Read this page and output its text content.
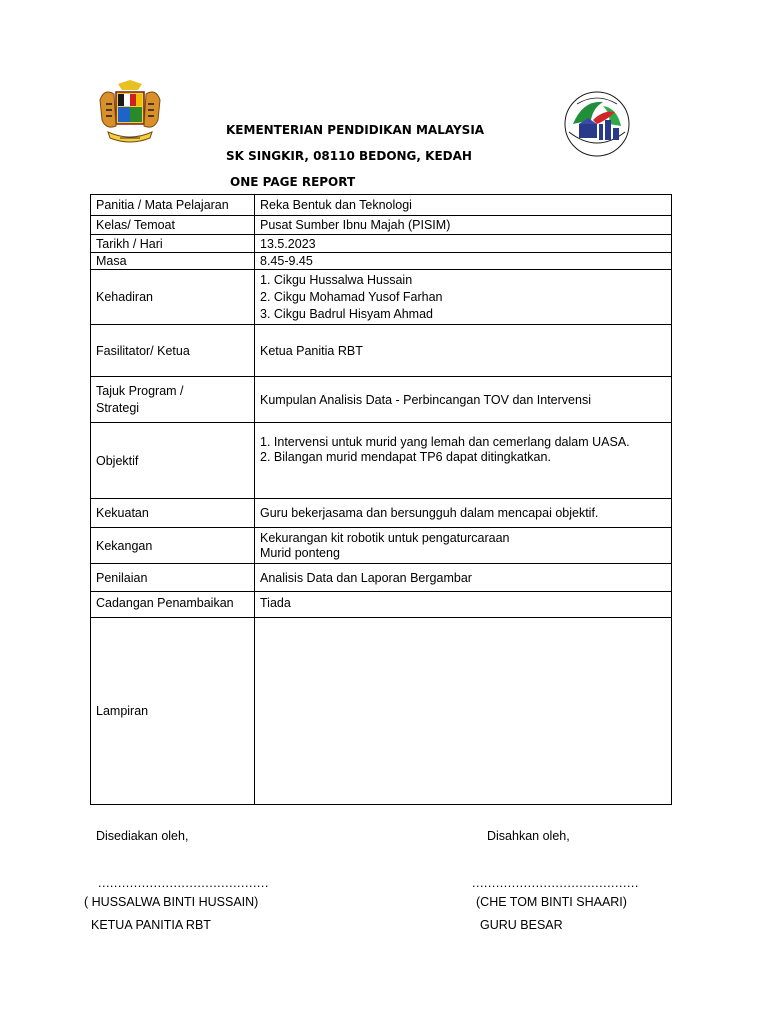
KEMENTERIAN PENDIDIKAN MALAYSIA
SK SINGKIR, 08110 BEDONG, KEDAH
ONE PAGE REPORT
Panitia / Mata Pelajaran	Reka Bentuk dan Teknologi
Kelas/ Temoat	Pusat Sumber Ibnu Majah (PISIM)
Tarikh / Hari	13.5.2023
Masa	8.45-9.45
Kehadiran	1. Cikgu Hussalwa Hussain
2. Cikgu Mohamad Yusof Farhan
3. Cikgu Badrul Hisyam Ahmad

Fasilitator/ Ketua	Ketua Panitia RBT

Tajuk Program /
Strategi	Kumpulan Analisis Data - Perbincangan TOV dan Intervensi
Objektif	1. Intervensi untuk murid yang lemah dan cemerlang dalam UASA.
2. Bilangan murid mendapat TP6 dapat ditingkatkan.

Kekuatan	Guru bekerjasama dan bersungguh dalam mencapai objektif.
Kekangan	Kekurangan kit robotik untuk pengaturcaraan
Murid ponteng

Penilaian	Analisis Data dan Laporan Bergambar
Cadangan Penambaikan	Tiada
Lampiran	
Disediakan oleh,
...........................................
( HUSSALWA BINTI HUSSAIN)
KETUA PANITIA RBT
Disahkan oleh,
..........................................
(CHE TOM BINTI SHAARI)
GURU BESAR
